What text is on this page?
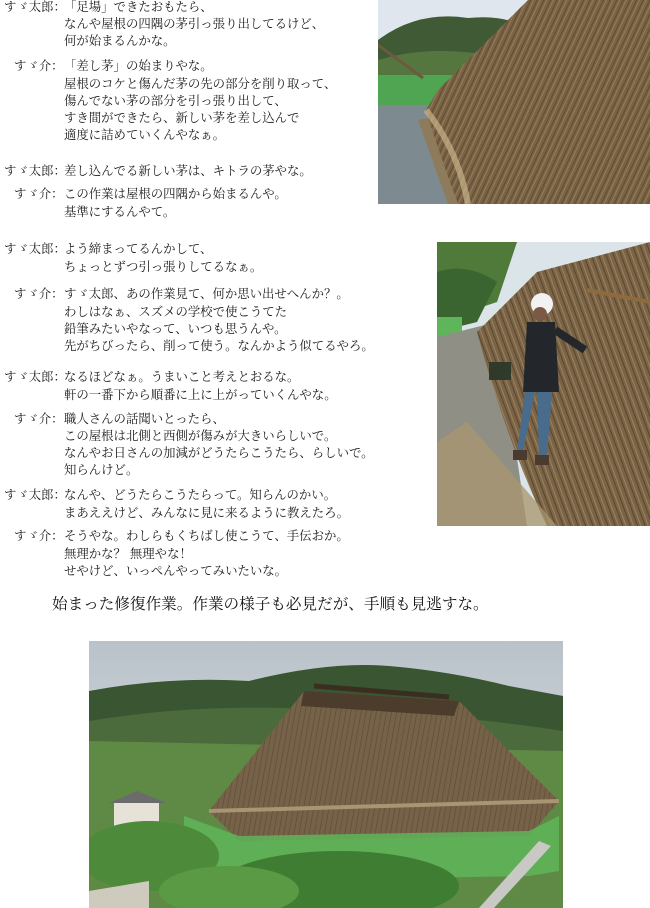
すゞ太郎：
「足場」できたおもたら、
なんや屋根の四隅の茅引っ張り出してるけど、
何が始まるんかな。
すゞ介： 「差し茅」の始まりやな。
屋根のコケと傷んだ茅の先の部分を削り取って、
傷んでない茅の部分を引っ張り出して、
すき間ができたら、新しい茅を差し込んで
適度に詰めていくんやなぁ。
すゞ太郎：
差し込んでる新しい茅は、キトラの茅やな。
すゞ介： この作業は屋根の四隅から始まるんや。
基準にするんやて。
すゞ太郎：
よう締まってるんかして、
ちょっとずつ引っ張りしてるなぁ。
すゞ介： すゞ太郎、あの作業見て、何か思い出せへんか？。
わしはなぁ、スズメの学校で使こうてた
鉛筆みたいやなって、いつも思うんや。
先がちびったら、削って使う。なんかよう似てるやろ。
すゞ太郎：
なるほどなぁ。うまいこと考えとおるな。
軒の一番下から順番に上に上がっていくんやな。
すゞ介： 職人さんの話聞いとったら、
この屋根は北側と西側が傷みが大きいらしいで。
なんやお日さんの加減がどうたらこうたら、らしいで。
知らんけど。
すゞ太郎：
なんや、どうたらこうたらって。知らんのかい。
まあええけど、みんなに見に来るように教えたろ。
すゞ介： そうやな。わしらもくちばし使こうて、手伝おか。
無理かな？ 無理やな！
せやけど、いっぺんやってみいたいな。
始まった修復作業。作業の様子も必見だが、手順も見逃すな。
